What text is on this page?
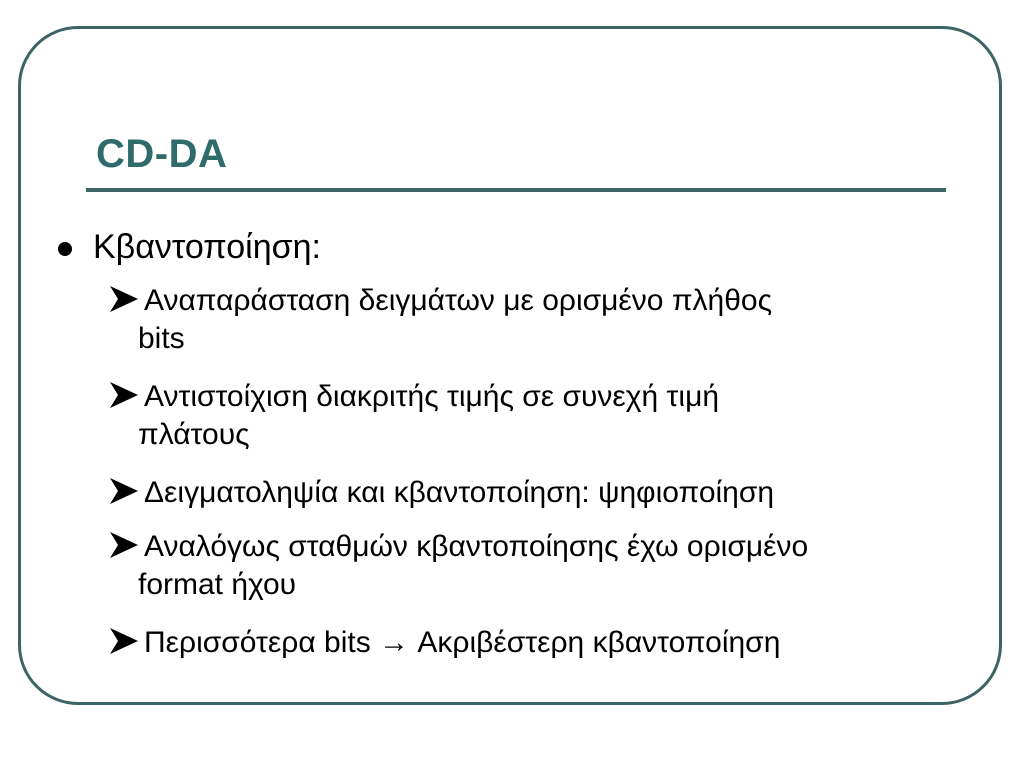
CD-DA
Κβαντοποίηση:
Αναπαράσταση δειγμάτων με ορισμένο πλήθος
bits
Αντιστοίχιση διακριτής τιμής σε συνεχή τιμή
πλάτους
Δειγματοληψία και κβαντοποίηση: ψηφιοποίηση
Αναλόγως σταθμών κβαντοποίησης έχω ορισμένο
format ήχου
Περισσότερα bits → Ακριβέστερη κβαντοποίηση
